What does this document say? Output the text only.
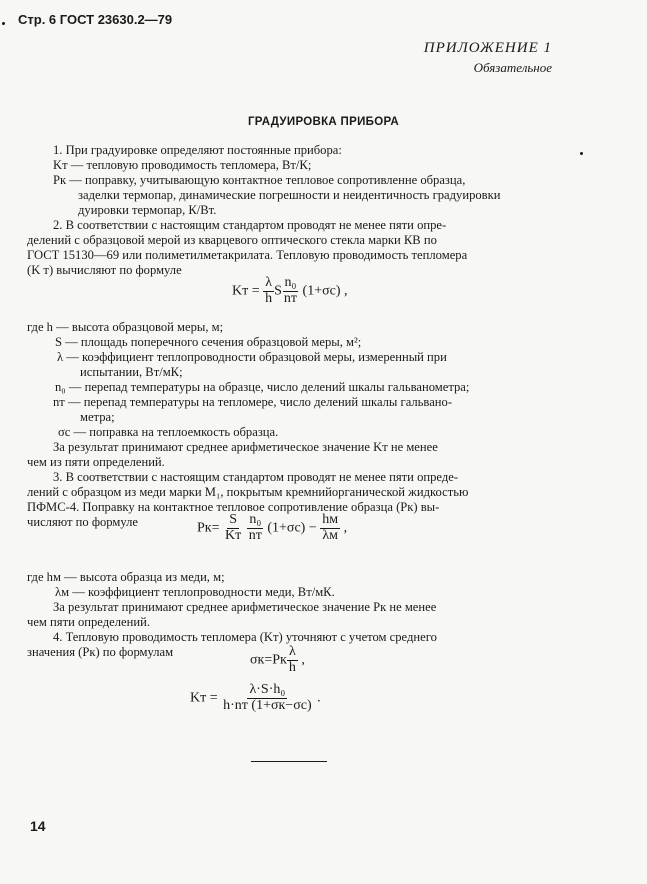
Стр. 6 ГОСТ 23630.2—79
ПРИЛОЖЕНИЕ 1
Обязательное
ГРАДУИРОВКА ПРИБОРА
1. При градуировке определяют постоянные прибора:
Kт — тепловую проводимость тепломера, Вт/К;
Pк — поправку, учитывающую контактное тепловое сопротивленне образца,
заделки термопар, динамические погрешности и неидентичность градуировки
дуировки термопар, К/Вт.
2. В соответствии с настоящим стандартом проводят не менее пяти опре-
делений с образцовой мерой из кварцевого оптического стекла марки КВ по
ГОСТ 15130—69 или полиметилметакрилата. Тепловую проводимость тепломера
(K т) вычисляют по формуле
где h — высота образцовой меры, м;
S — площадь поперечного сечения образцовой меры, м²;
λ — коэффициент теплопроводности образцовой меры, измеренный при
испытании, Вт/мК;
n₀ — перепад температуры на образце, число делений шкалы гальванометра;
nт — перепад температуры на тепломере, число делений шкалы гальвано-
метра;
σс — поправка на теплоемкость образца.
За результат принимают среднее арифметическое значение Kт не менее
чем из пяти определений.
3. В соответствии с настоящим стандартом проводят не менее пяти опреде-
лений с образцом из меди марки M₁, покрытым кремнийорганической жидкостью
ПФМС-4. Поправку на контактное тепловое сопротивление образца (Pк) вы-
числяют по формуле
где hм — высота образца из меди, м;
λм — коэффициент теплопроводности меди, Вт/мК.
За результат принимают среднее арифметическое значение Pк не менее
чем пяти определений.
4. Тепловую проводимость тепломера (Kт) уточняют с учетом среднего
значения (Pк) по формулам
Kт = $\frac{\lambda}{h}$ S $\frac{\text{n₀}}{nт} (1+\sigma с)$ ,
$Pк= \frac{S}{Kт}$
$\frac{\text{n₀}}{nт} (1+\sigma с) - \frac{hм}{\lambda м}$ ,
$\sigma к=Pк \frac{\lambda}{h}$ ,
Kт = $\frac{\text{λ·S·h₀}}{h\cdot nт (1+\sigma к-\sigma с)}$ .
14
